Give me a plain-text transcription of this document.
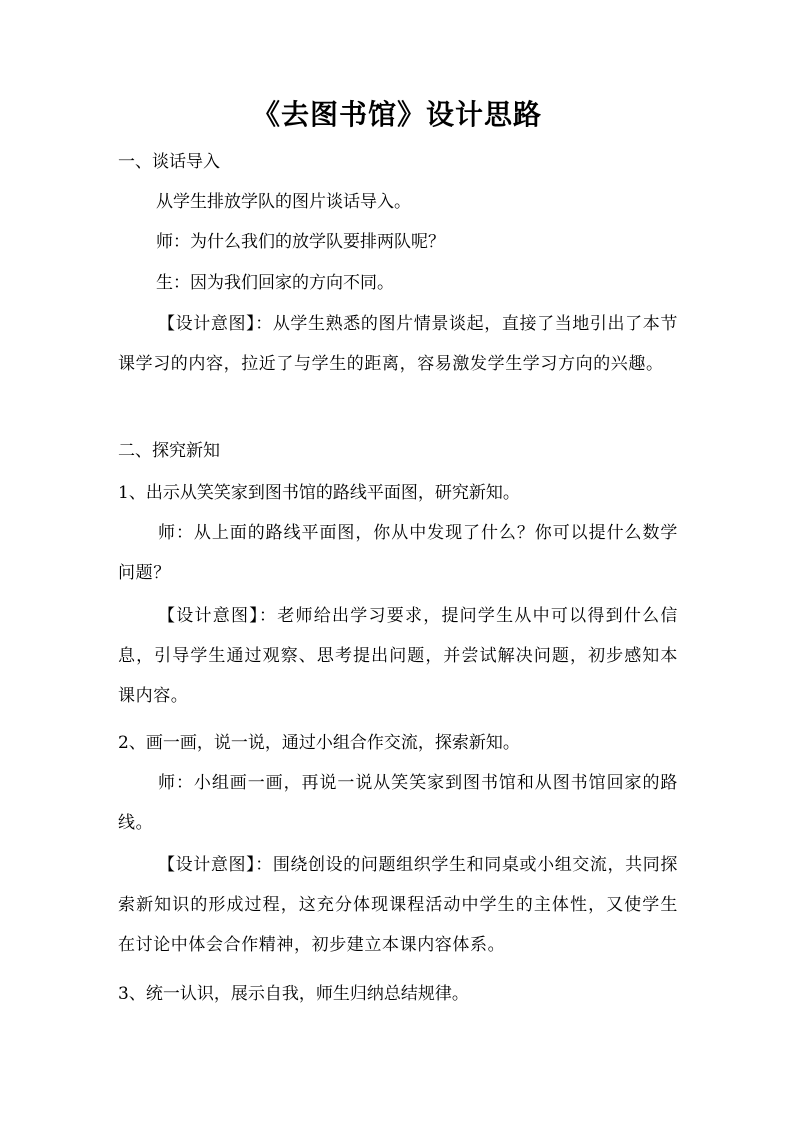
《去图书馆》设计思路
一、谈话导入
从学生排放学队的图片谈话导入。
师：为什么我们的放学队要排两队呢？
生：因为我们回家的方向不同。
【设计意图】：从学生熟悉的图片情景谈起，直接了当地引出了本节课学习的内容，拉近了与学生的距离，容易激发学生学习方向的兴趣。
二、探究新知
1、出示从笑笑家到图书馆的路线平面图，研究新知。
师：从上面的路线平面图，你从中发现了什么？你可以提什么数学问题？
【设计意图】：老师给出学习要求，提问学生从中可以得到什么信息，引导学生通过观察、思考提出问题，并尝试解决问题，初步感知本课内容。
2、画一画，说一说，通过小组合作交流，探索新知。
师：小组画一画，再说一说从笑笑家到图书馆和从图书馆回家的路线。
【设计意图】：围绕创设的问题组织学生和同桌或小组交流，共同探索新知识的形成过程，这充分体现课程活动中学生的主体性，又使学生在讨论中体会合作精神，初步建立本课内容体系。
3、统一认识，展示自我，师生归纳总结规律。
